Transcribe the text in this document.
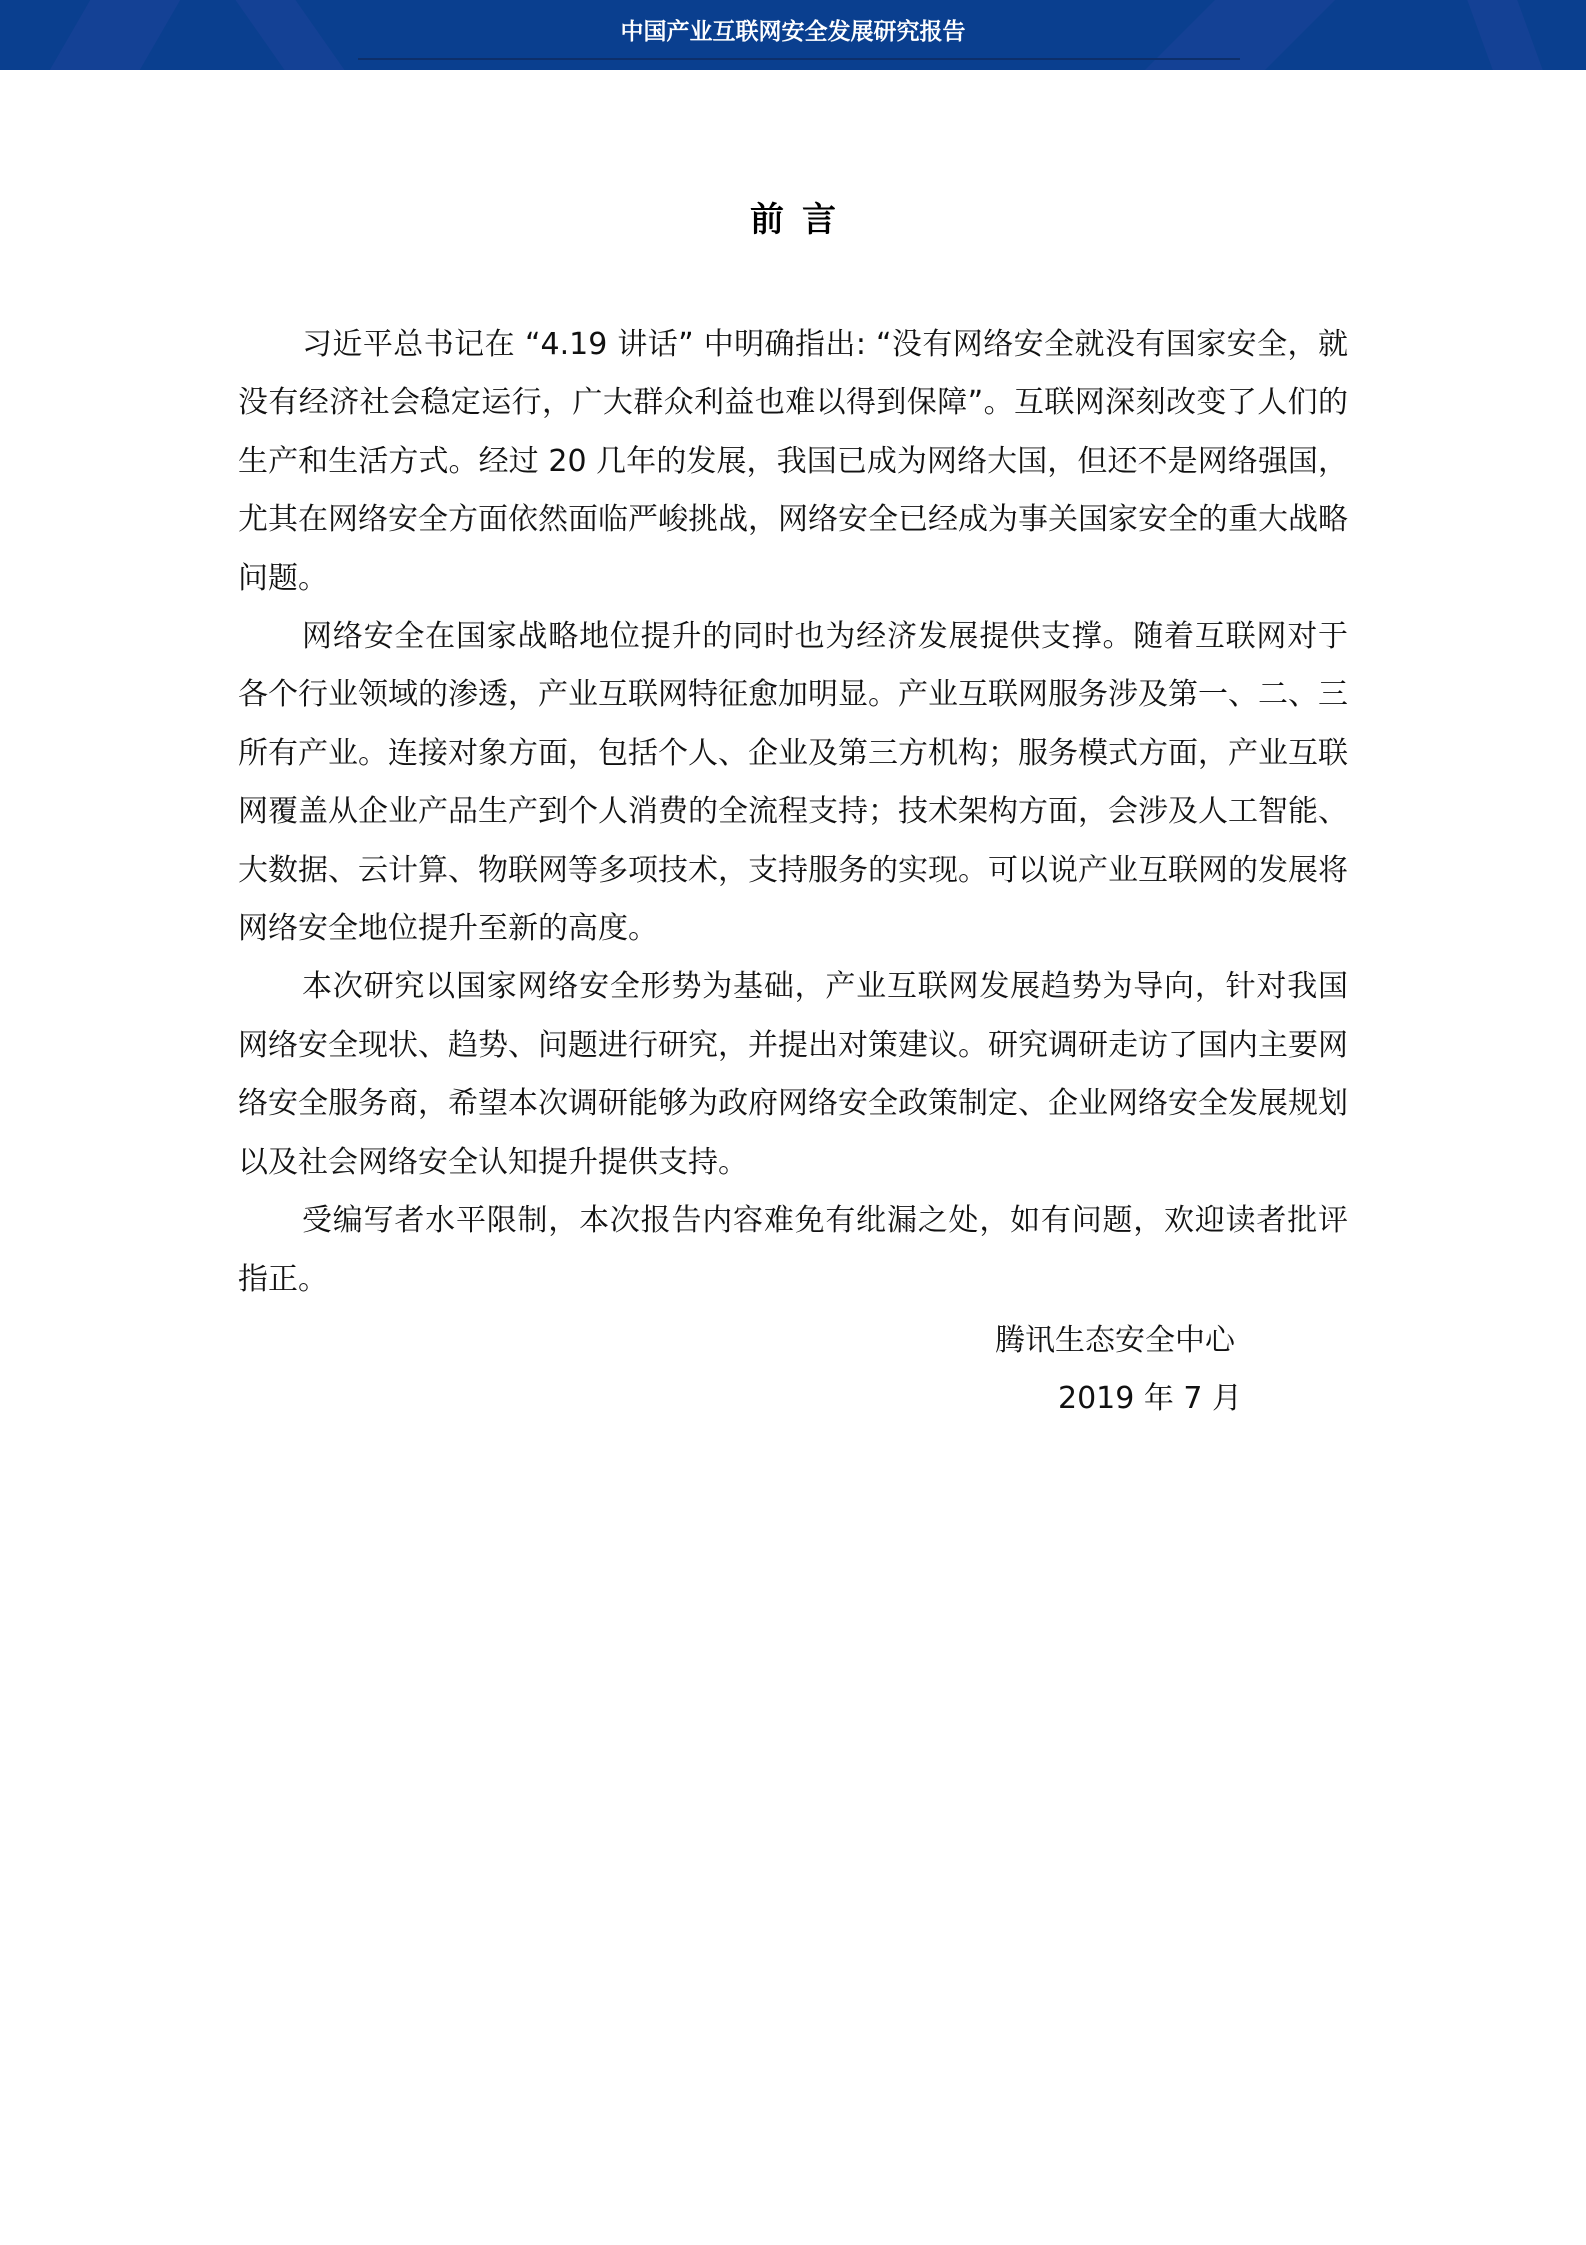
中国产业互联网安全发展研究报告
前言

习近平总书记在 “4.19 讲话” 中明确指出: “没有网络安全就没有国家安全，就没有经济社会稳定运行，广大群众利益也难以得到保障”。互联网深刻改变了人们的生产和生活方式。经过 20 几年的发展，我国已成为网络大国，但还不是网络强国，尤其在网络安全方面依然面临严峻挑战，网络安全已经成为事关国家安全的重大战略问题。

网络安全在国家战略地位提升的同时也为经济发展提供支撑。随着互联网对于各个行业领域的渗透，产业互联网特征愈加明显。产业互联网服务涉及第一、二、三所有产业。连接对象方面，包括个人、企业及第三方机构；服务模式方面，产业互联网覆盖从企业产品生产到个人消费的全流程支持；技术架构方面，会涉及人工智能、大数据、云计算、物联网等多项技术，支持服务的实现。可以说产业互联网的发展将网络安全地位提升至新的高度。

本次研究以国家网络安全形势为基础，产业互联网发展趋势为导向，针对我国网络安全现状、趋势、问题进行研究，并提出对策建议。研究调研走访了国内主要网络安全服务商，希望本次调研能够为政府网络安全政策制定、企业网络安全发展规划以及社会网络安全认知提升提供支持。

受编写者水平限制，本次报告内容难免有纰漏之处，如有问题，欢迎读者批评指正。

腾讯生态安全中心
2019 年 7 月
